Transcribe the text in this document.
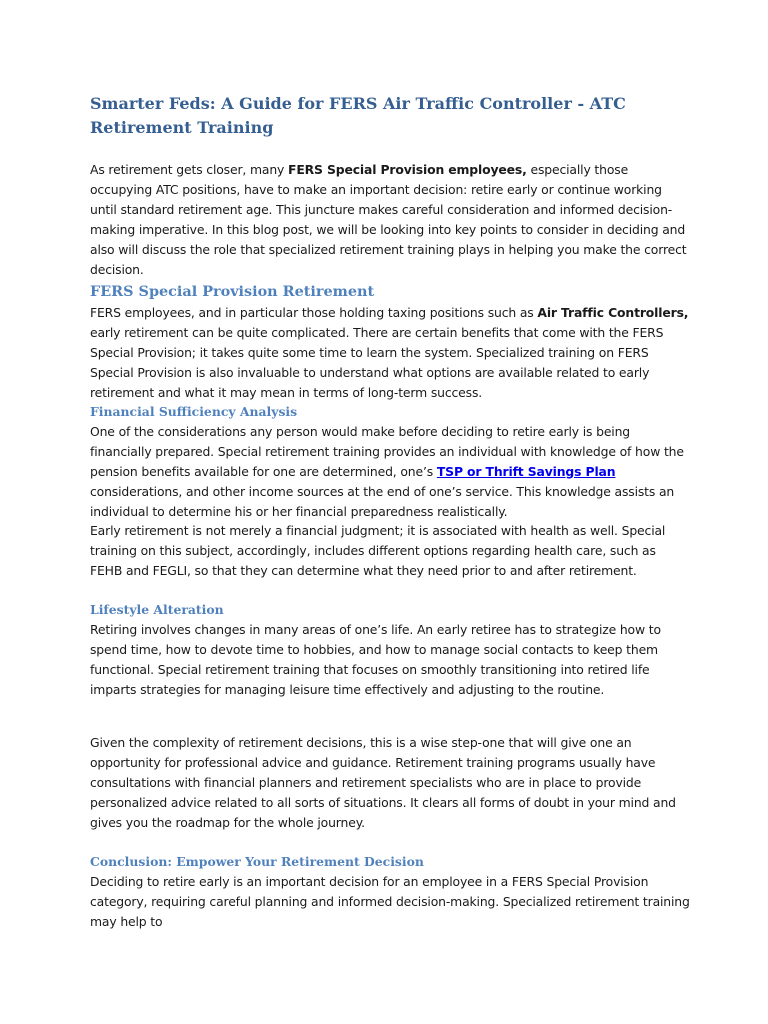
Smarter Feds: A Guide for FERS Air Traffic Controller - ATC Retirement Training

As retirement gets closer, many FERS Special Provision employees, especially those occupying ATC positions, have to make an important decision: retire early or continue working until standard retirement age. This juncture makes careful consideration and informed decision-making imperative. In this blog post, we will be looking into key points to consider in deciding and also will discuss the role that specialized retirement training plays in helping you make the correct decision.

FERS Special Provision Retirement

FERS employees, and in particular those holding taxing positions such as Air Traffic Controllers, early retirement can be quite complicated. There are certain benefits that come with the FERS Special Provision; it takes quite some time to learn the system. Specialized training on FERS Special Provision is also invaluable to understand what options are available related to early retirement and what it may mean in terms of long-term success.

Financial Sufficiency Analysis

One of the considerations any person would make before deciding to retire early is being financially prepared. Special retirement training provides an individual with knowledge of how the pension benefits available for one are determined, one’s TSP or Thrift Savings Plan considerations, and other income sources at the end of one’s service. This knowledge assists an individual to determine his or her financial preparedness realistically.

Early retirement is not merely a financial judgment; it is associated with health as well. Special training on this subject, accordingly, includes different options regarding health care, such as FEHB and FEGLI, so that they can determine what they need prior to and after retirement.

Lifestyle Alteration

Retiring involves changes in many areas of one’s life. An early retiree has to strategize how to spend time, how to devote time to hobbies, and how to manage social contacts to keep them functional. Special retirement training that focuses on smoothly transitioning into retired life imparts strategies for managing leisure time effectively and adjusting to the routine.

Given the complexity of retirement decisions, this is a wise step-one that will give one an opportunity for professional advice and guidance. Retirement training programs usually have consultations with financial planners and retirement specialists who are in place to provide personalized advice related to all sorts of situations. It clears all forms of doubt in your mind and gives you the roadmap for the whole journey.

Conclusion: Empower Your Retirement Decision

Deciding to retire early is an important decision for an employee in a FERS Special Provision category, requiring careful planning and informed decision-making. Specialized retirement training may help to
